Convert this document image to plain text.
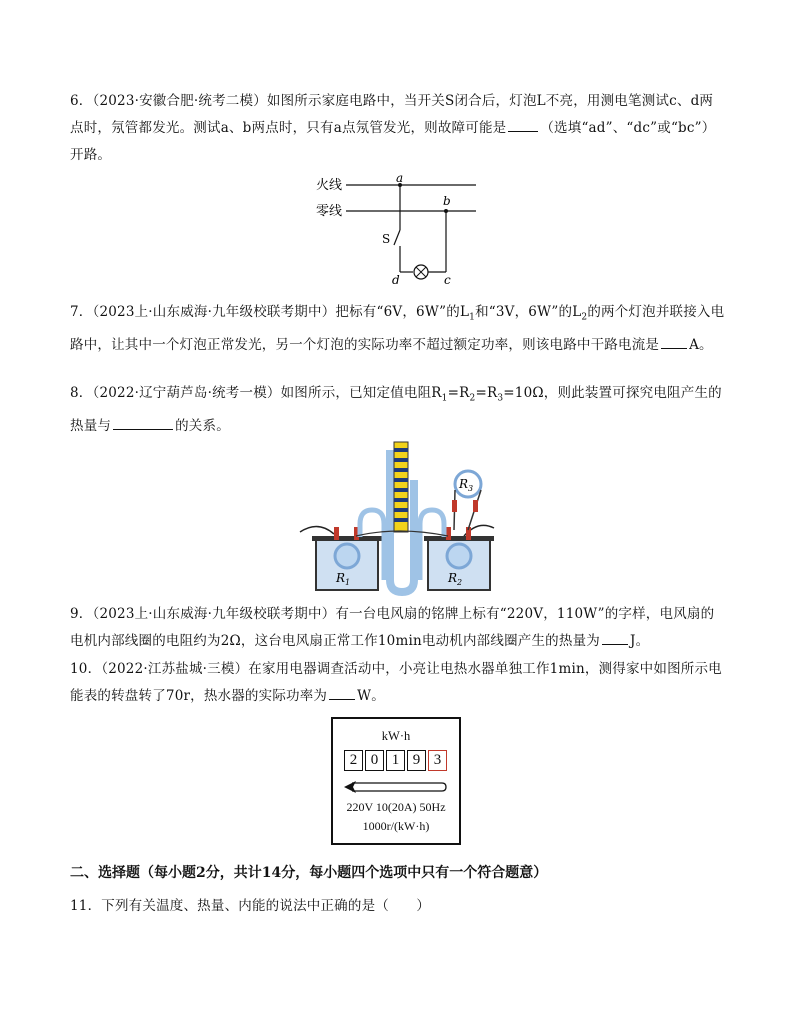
6．（2023·安徽合肥·统考二模）如图所示家庭电路中，当开关S闭合后，灯泡L不亮，用测电笔测试c、d两点时，氖管都发光。测试a、b两点时，只有a点氖管发光，则故障可能是	（选填“ad”、“dc”或“bc”）开路。
火线
零线
a
b
S
d	c
7．（2023上·山东威海·九年级校联考期中）把标有“6V，6W”的$L_1$和“3V，6W”的$L_2$的两个灯泡并联接入电路中，让其中一个灯泡正常发光，另一个灯泡的实际功率不超过额定功率，则该电路中干路电流是 A。
8．（2022·辽宁葫芦岛·统考一模）如图所示，已知定值电阻$R_1=R_2=R_3=10\Omega$，则此装置可探究电阻产生的热量与	的关系。
$R_1$	$R_2$
$R_3$
9．（2023上·山东威海·九年级校联考期中）有一台电风扇的铭牌上标有“220V，110W”的字样，电风扇的电机内部线圈的电阻约为2Ω，这台电风扇正常工作10min电动机内部线圈产生的热量为 J。
10．（2022·江苏盐城·三模）在家用电器调查活动中，小亮让电热水器单独工作1min，测得家中如图所示电能表的转盘转了70r，热水器的实际功率为 W。
kW·h
2 0 1 9 3
220V 10(20A) 50Hz
1000r/(kW·h)
二、选择题（每小题2分，共计14分，每小题四个选项中只有一个符合题意）
11．下列有关温度、热量、内能的说法中正确的是（　　）
